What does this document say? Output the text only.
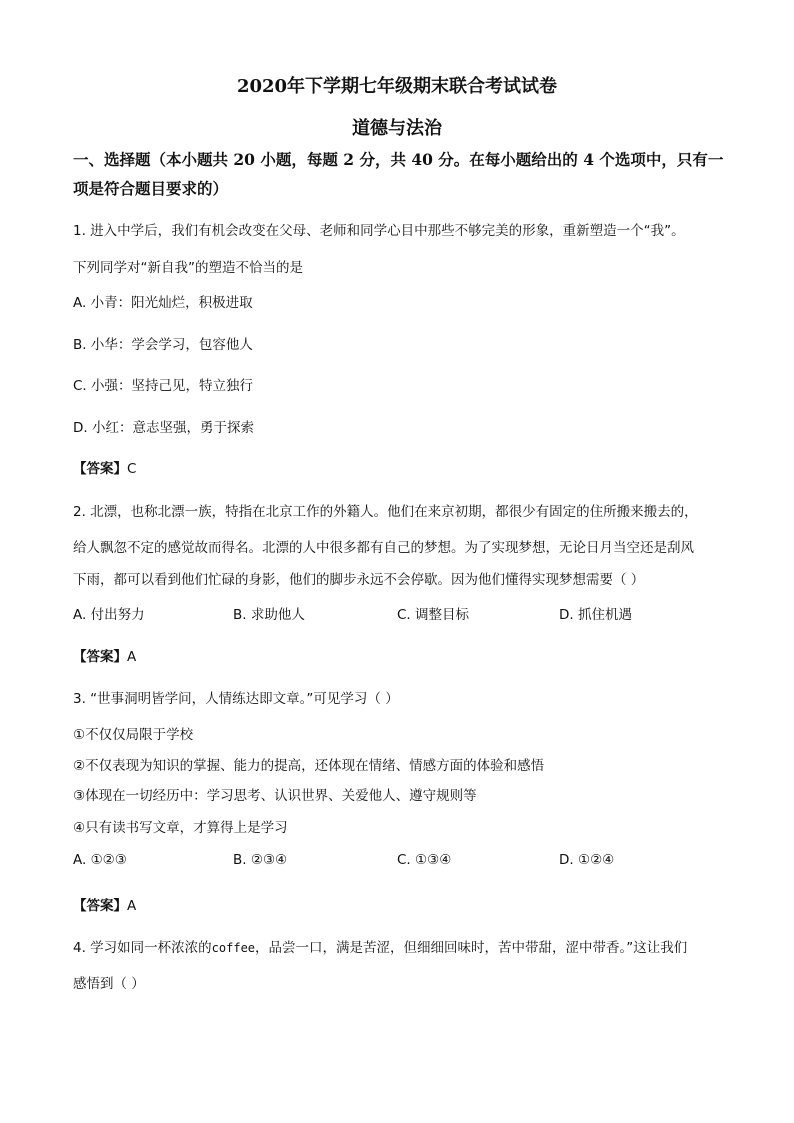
2020年下学期七年级期末联合考试试卷
道德与法治
一、选择题（本小题共 20 小题，每题 2 分，共 40 分。在每小题给出的 4 个选项中，只有一
项是符合题目要求的）
1. 进入中学后，我们有机会改变在父母、老师和同学心目中那些不够完美的形象，重新塑造一个“我”。
下列同学对“新自我”的塑造不恰当的是
A. 小青：阳光灿烂，积极进取
B. 小华：学会学习，包容他人
C. 小强：坚持己见，特立独行
D. 小红：意志坚强，勇于探索
【答案】C
2. 北漂，也称北漂一族，特指在北京工作的外籍人。他们在来京初期，都很少有固定的住所搬来搬去的，
给人飘忽不定的感觉故而得名。北漂的人中很多都有自己的梦想。为了实现梦想，无论日月当空还是刮风
下雨，都可以看到他们忙碌的身影，他们的脚步永远不会停歇。因为他们懂得实现梦想需要（ ）
A. 付出努力	B. 求助他人	C. 调整目标	D. 抓住机遇
【答案】A
3. “世事洞明皆学问，人情练达即文章。”可见学习（ ）
①不仅仅局限于学校
②不仅表现为知识的掌握、能力的提高，还体现在情绪、情感方面的体验和感悟
③体现在一切经历中：学习思考、认识世界、关爱他人、遵守规则等
④只有读书写文章，才算得上是学习
A. ①②③	B. ②③④	C. ①③④	D. ①②④
【答案】A
4. 学习如同一杯浓浓的coffee，品尝一口，满是苦涩，但细细回味时，苦中带甜，涩中带香。”这让我们
感悟到（ ）
